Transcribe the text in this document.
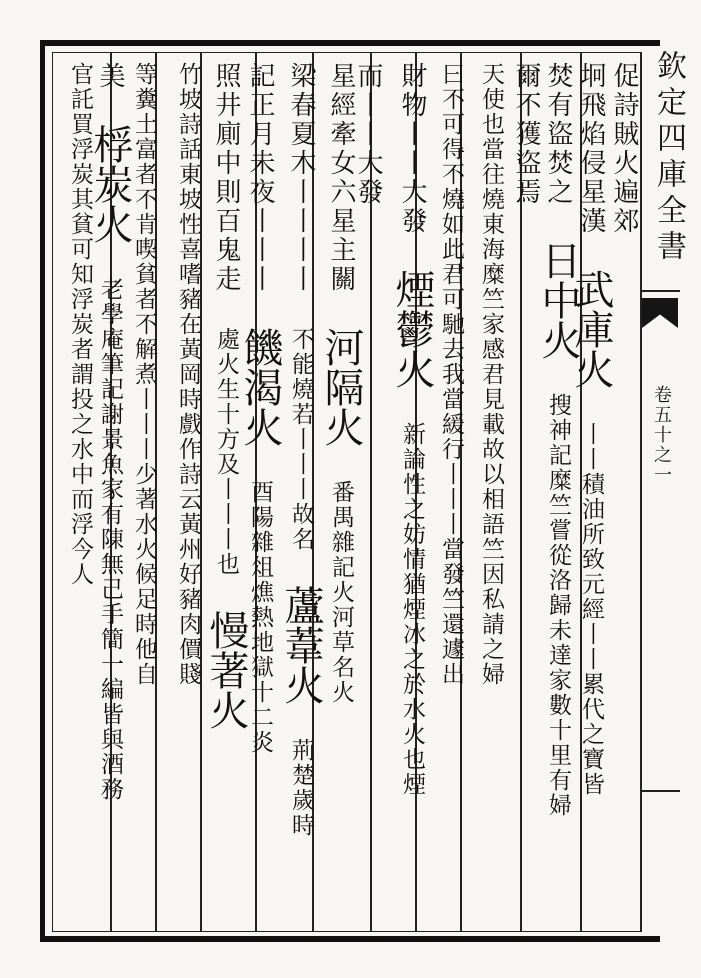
欽定四庫全書
卷五十之一
促詩賊火遍郊
坰飛焰侵星漢 武庫火 丨丨積油所致元經丨丨累代之寶皆
焚有盜焚之 日中火 搜神記糜竺嘗從洛歸未達家數十里有婦
爾不獲盜焉
天使也當往燒東海糜竺家感君見載故以相語竺因私請之婦
曰不可得不燒如此君可馳去我當緩行丨丨丨當發竺還遽出
財物丨丨大發 煙鬱火 新論性之妨情猶煙冰之於水火也煙
而丨丨大發
星經牽女六星主關 河隔火 番禺雜記火河草名火
梁春夏木丨丨丨丨 不能燒若丨丨丨故名 蘆葦火 荊楚歲時
記正月未夜丨丨丨 饑渴火 酉陽雜俎燋熱地獄十二炎
照井廁中則百鬼走 處火生十方及丨丨丨也 慢著火
竹坡詩話東坡性喜嗜豬在黃岡時戲作詩云黃州好豬肉價賤
等糞土富者不肯喫貧者不解煮丨丨丨少著水火候足時他自
美 桴炭火 老學庵筆記謝景魚家有陳無己手簡一編皆與酒務
官託買浮炭其貧可知浮炭者謂投之水中而浮今人
